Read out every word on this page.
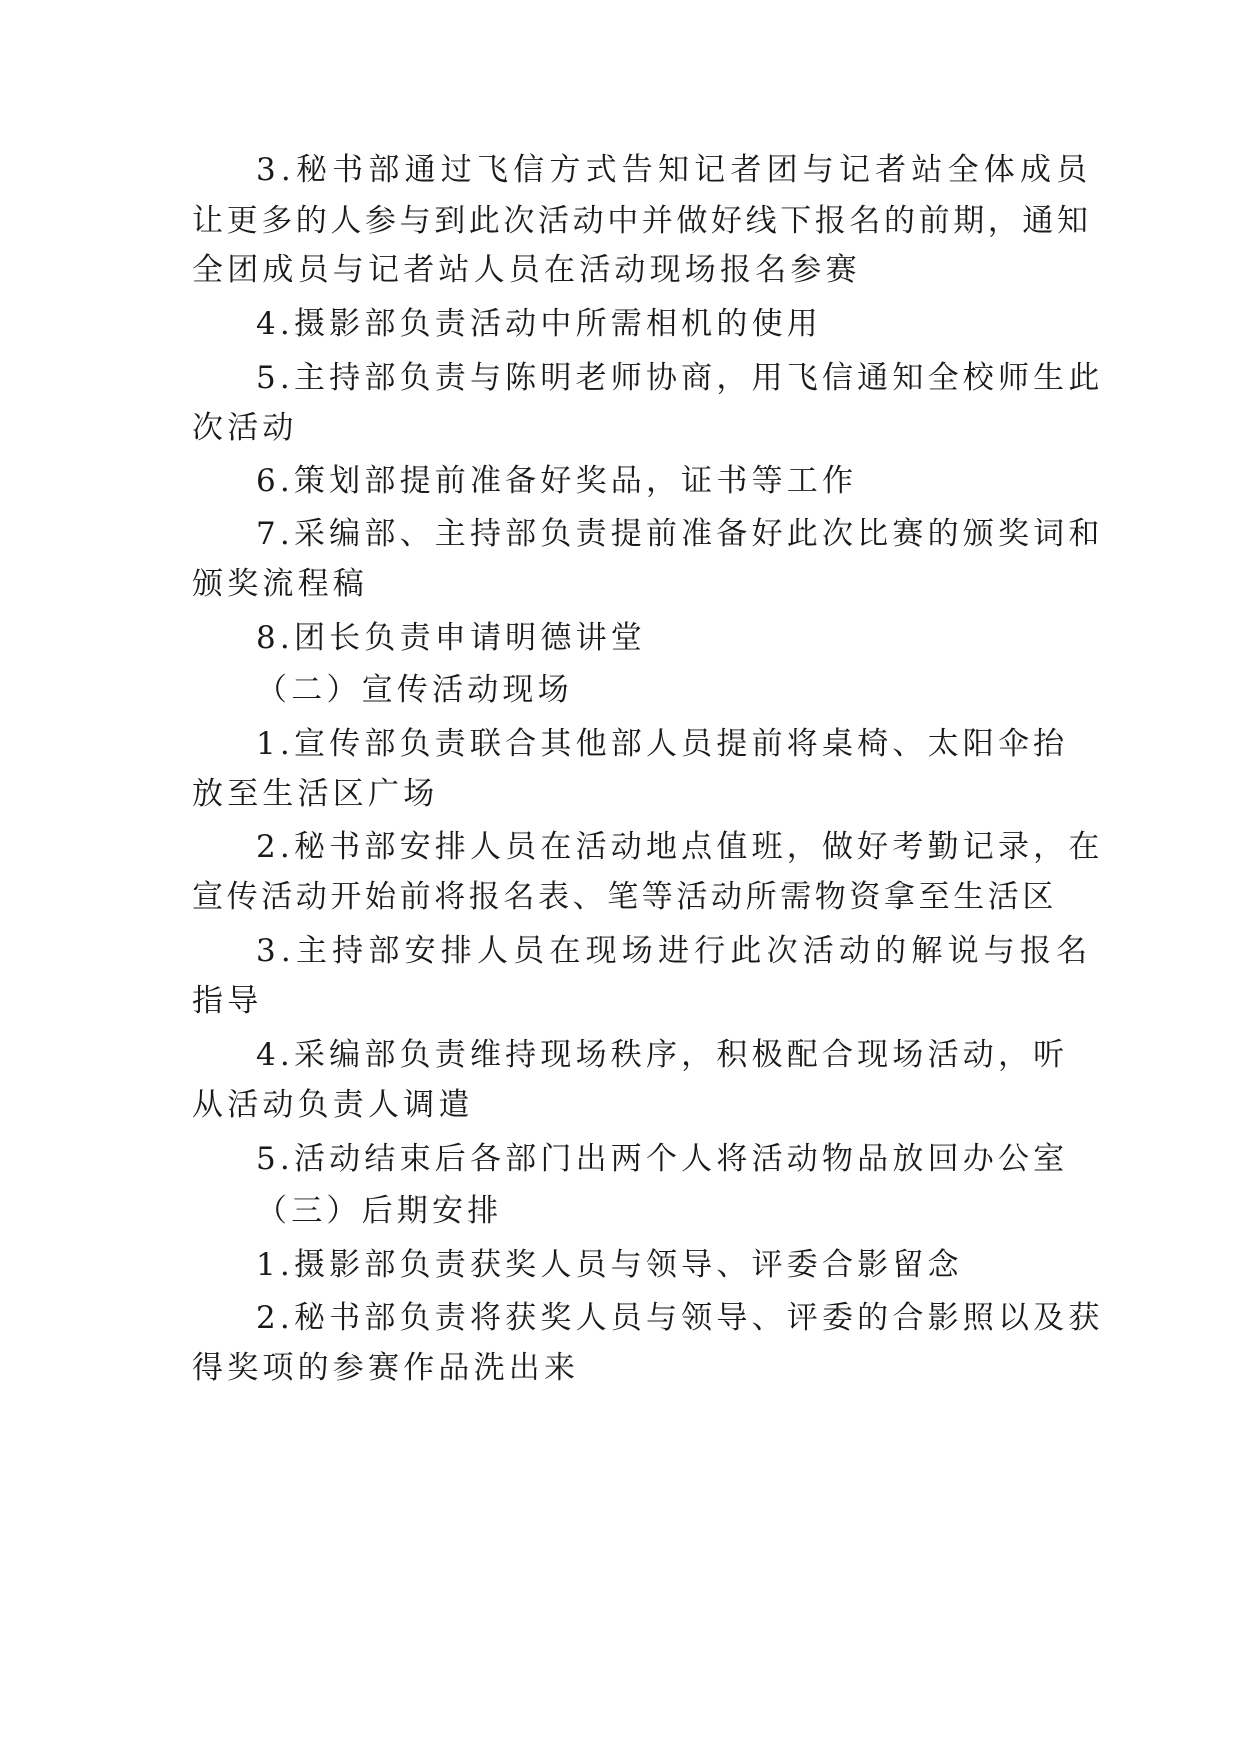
3.秘书部通过飞信方式告知记者团与记者站全体成员
让更多的人参与到此次活动中并做好线下报名的前期，通知
全团成员与记者站人员在活动现场报名参赛
4.摄影部负责活动中所需相机的使用
5.主持部负责与陈明老师协商，用飞信通知全校师生此
次活动
6.策划部提前准备好奖品，证书等工作
7.采编部、主持部负责提前准备好此次比赛的颁奖词和
颁奖流程稿
8.团长负责申请明德讲堂
（二）宣传活动现场
1.宣传部负责联合其他部人员提前将桌椅、太阳伞抬
放至生活区广场
2.秘书部安排人员在活动地点值班，做好考勤记录，在
宣传活动开始前将报名表、笔等活动所需物资拿至生活区
3.主持部安排人员在现场进行此次活动的解说与报名
指导
4.采编部负责维持现场秩序，积极配合现场活动，听
从活动负责人调遣
5.活动结束后各部门出两个人将活动物品放回办公室
（三）后期安排
1.摄影部负责获奖人员与领导、评委合影留念
2.秘书部负责将获奖人员与领导、评委的合影照以及获
得奖项的参赛作品洗出来
